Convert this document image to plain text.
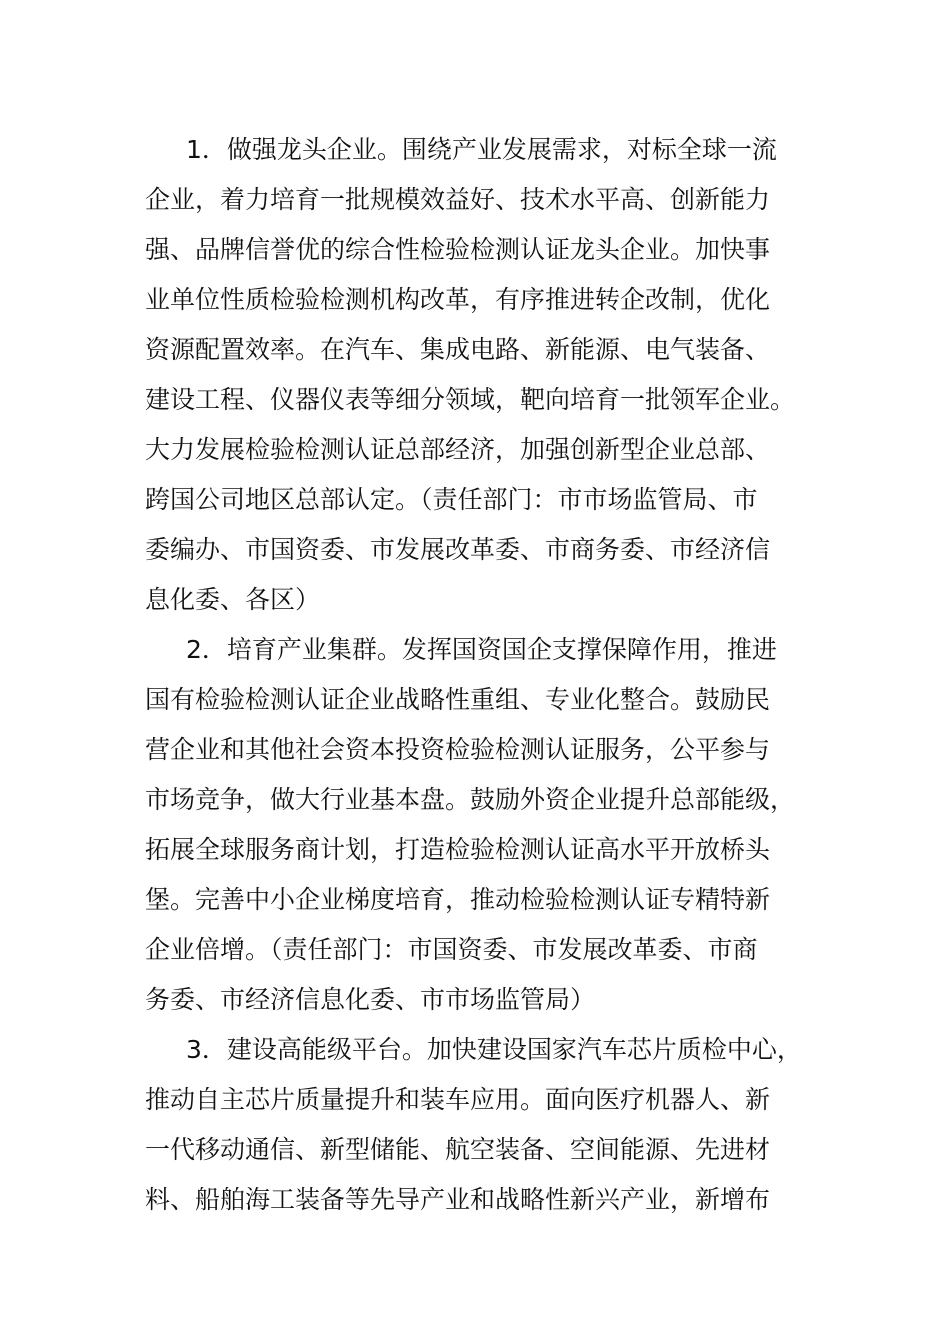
1．做强龙头企业。围绕产业发展需求，对标全球一流
企业，着力培育一批规模效益好、技术水平高、创新能力
强、品牌信誉优的综合性检验检测认证龙头企业。加快事
业单位性质检验检测机构改革，有序推进转企改制，优化
资源配置效率。在汽车、集成电路、新能源、电气装备、
建设工程、仪器仪表等细分领域，靶向培育一批领军企业。
大力发展检验检测认证总部经济，加强创新型企业总部、
跨国公司地区总部认定。（责任部门：市市场监管局、市
委编办、市国资委、市发展改革委、市商务委、市经济信
息化委、各区）
2．培育产业集群。发挥国资国企支撑保障作用，推进
国有检验检测认证企业战略性重组、专业化整合。鼓励民
营企业和其他社会资本投资检验检测认证服务，公平参与
市场竞争，做大行业基本盘。鼓励外资企业提升总部能级，
拓展全球服务商计划，打造检验检测认证高水平开放桥头
堡。完善中小企业梯度培育，推动检验检测认证专精特新
企业倍增。（责任部门：市国资委、市发展改革委、市商
务委、市经济信息化委、市市场监管局）
3．建设高能级平台。加快建设国家汽车芯片质检中心，
推动自主芯片质量提升和装车应用。面向医疗机器人、新
一代移动通信、新型储能、航空装备、空间能源、先进材
料、船舶海工装备等先导产业和战略性新兴产业，新增布
